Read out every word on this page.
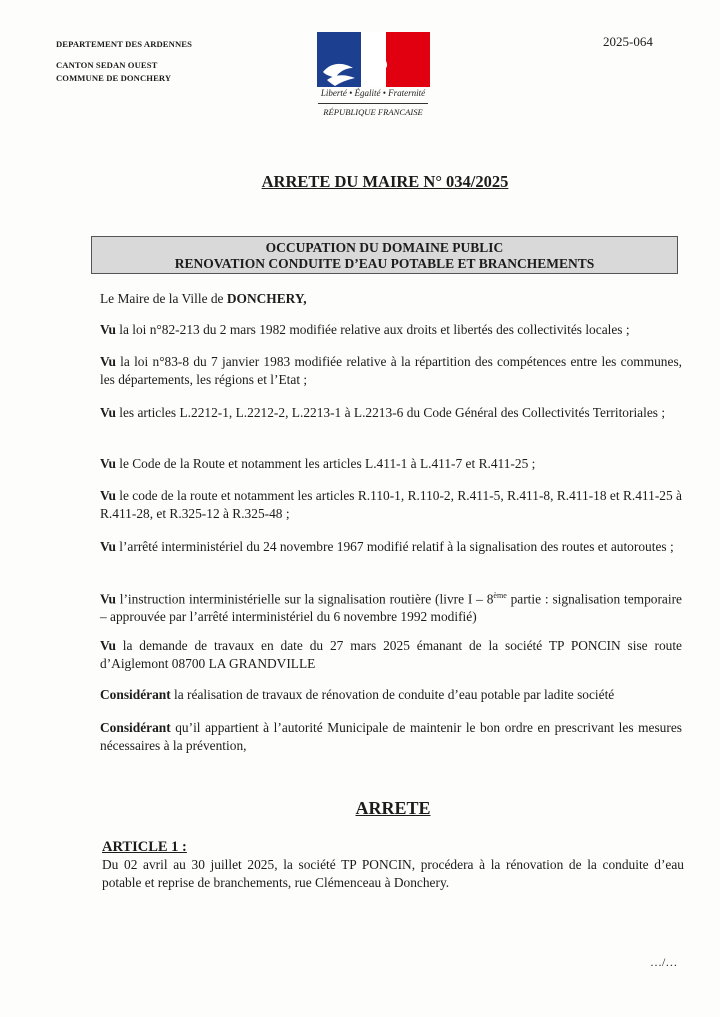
DEPARTEMENT DES ARDENNES
CANTON SEDAN OUEST
COMMUNE DE DONCHERY
2025-064
Liberté • Égalité • Fraternité
RÉPUBLIQUE FRANCAISE
ARRETE DU MAIRE N° 034/2025
OCCUPATION DU DOMAINE PUBLIC
RENOVATION CONDUITE D’EAU POTABLE ET BRANCHEMENTS
Le Maire de la Ville de DONCHERY,
Vu la loi n°82-213 du 2 mars 1982 modifiée relative aux droits et libertés des collectivités locales ;
Vu la loi n°83-8 du 7 janvier 1983 modifiée relative à la répartition des compétences entre les communes, les départements, les régions et l’Etat ;
Vu les articles L.2212-1, L.2212-2, L.2213-1 à L.2213-6 du Code Général des Collectivités Territoriales ;
Vu le Code de la Route et notamment les articles L.411-1 à L.411-7 et R.411-25 ;
Vu le code de la route et notamment les articles R.110-1, R.110-2, R.411-5, R.411-8, R.411-18 et R.411-25 à R.411-28, et R.325-12 à R.325-48 ;
Vu l’arrêté interministériel du 24 novembre 1967 modifié relatif à la signalisation des routes et autoroutes ;
Vu l’instruction interministérielle sur la signalisation routière (livre I – 8ème partie : signalisation temporaire – approuvée par l’arrêté interministériel du 6 novembre 1992 modifié)
Vu la demande de travaux en date du 27 mars 2025 émanant de la société TP PONCIN sise route d’Aiglemont 08700 LA GRANDVILLE
Considérant la réalisation de travaux de rénovation de conduite d’eau potable par ladite société
Considérant qu’il appartient à l’autorité Municipale de maintenir le bon ordre en prescrivant les mesures nécessaires à la prévention,
ARRETE
ARTICLE 1 :
Du 02 avril au 30 juillet 2025, la société TP PONCIN, procédera à la rénovation de la conduite d’eau potable et reprise de branchements, rue Clémenceau à Donchery.
…/…
